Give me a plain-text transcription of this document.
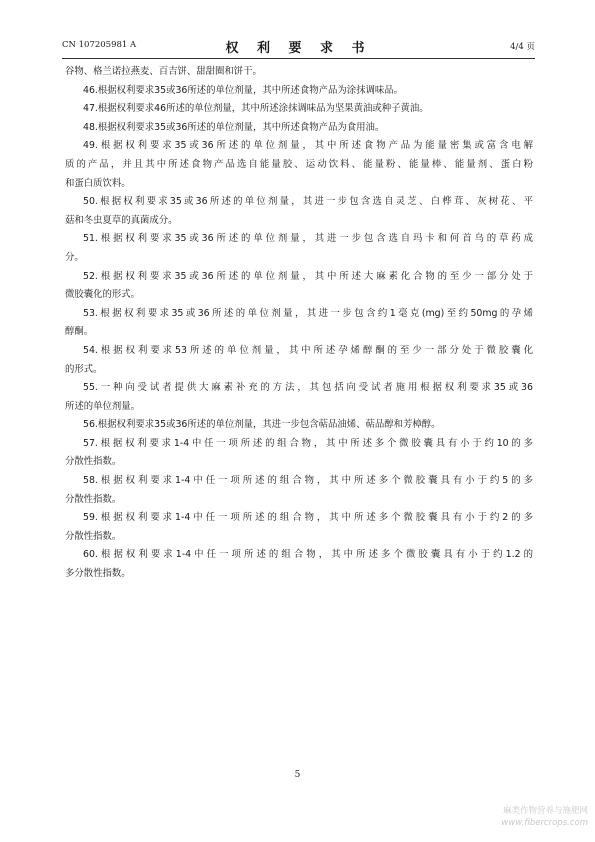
CN 107205981 A	权 利 要 求 书	4/4 页
谷物、格兰诺拉燕麦、百吉饼、甜甜圈和饼干。
46.根据权利要求35或36所述的单位剂量，其中所述食物产品为涂抹调味品。
47.根据权利要求46所述的单位剂量，其中所述涂抹调味品为坚果黄油或种子黄油。
48.根据权利要求35或36所述的单位剂量，其中所述食物产品为食用油。
49.根据权利要求35或36所述的单位剂量，其中所述食物产品为能量密集或富含电解
质的产品，并且其中所述食物产品选自能量胶、运动饮料、能量粉、能量棒、能量剂、蛋白粉
和蛋白质饮料。
50.根据权利要求35或36所述的单位剂量，其进一步包含选自灵芝、白桦茸、灰树花、平
菇和冬虫夏草的真菌成分。
51.根据权利要求35或36所述的单位剂量，其进一步包含选自玛卡和何首乌的草药成
分。
52.根据权利要求35或36所述的单位剂量，其中所述大麻素化合物的至少一部分处于
微胶囊化的形式。
53.根据权利要求35或36所述的单位剂量，其进一步包含约1毫克(mg)至约50mg的孕烯
醇酮。
54.根据权利要求53所述的单位剂量，其中所述孕烯醇酮的至少一部分处于微胶囊化
的形式。
55.一种向受试者提供大麻素补充的方法，其包括向受试者施用根据权利要求35或36
所述的单位剂量。
56.根据权利要求35或36所述的单位剂量，其进一步包含萜品油烯、萜品醇和芳樟醇。
57.根据权利要求1-4中任一项所述的组合物，其中所述多个微胶囊具有小于约10的多
分散性指数。
58.根据权利要求1-4中任一项所述的组合物，其中所述多个微胶囊具有小于约5的多
分散性指数。
59.根据权利要求1-4中任一项所述的组合物，其中所述多个微胶囊具有小于约2的多
分散性指数。
60.根据权利要求1-4中任一项所述的组合物，其中所述多个微胶囊具有小于约1.2的
多分散性指数。
5
麻类作物营养与施肥网
www.fibercrops.com
